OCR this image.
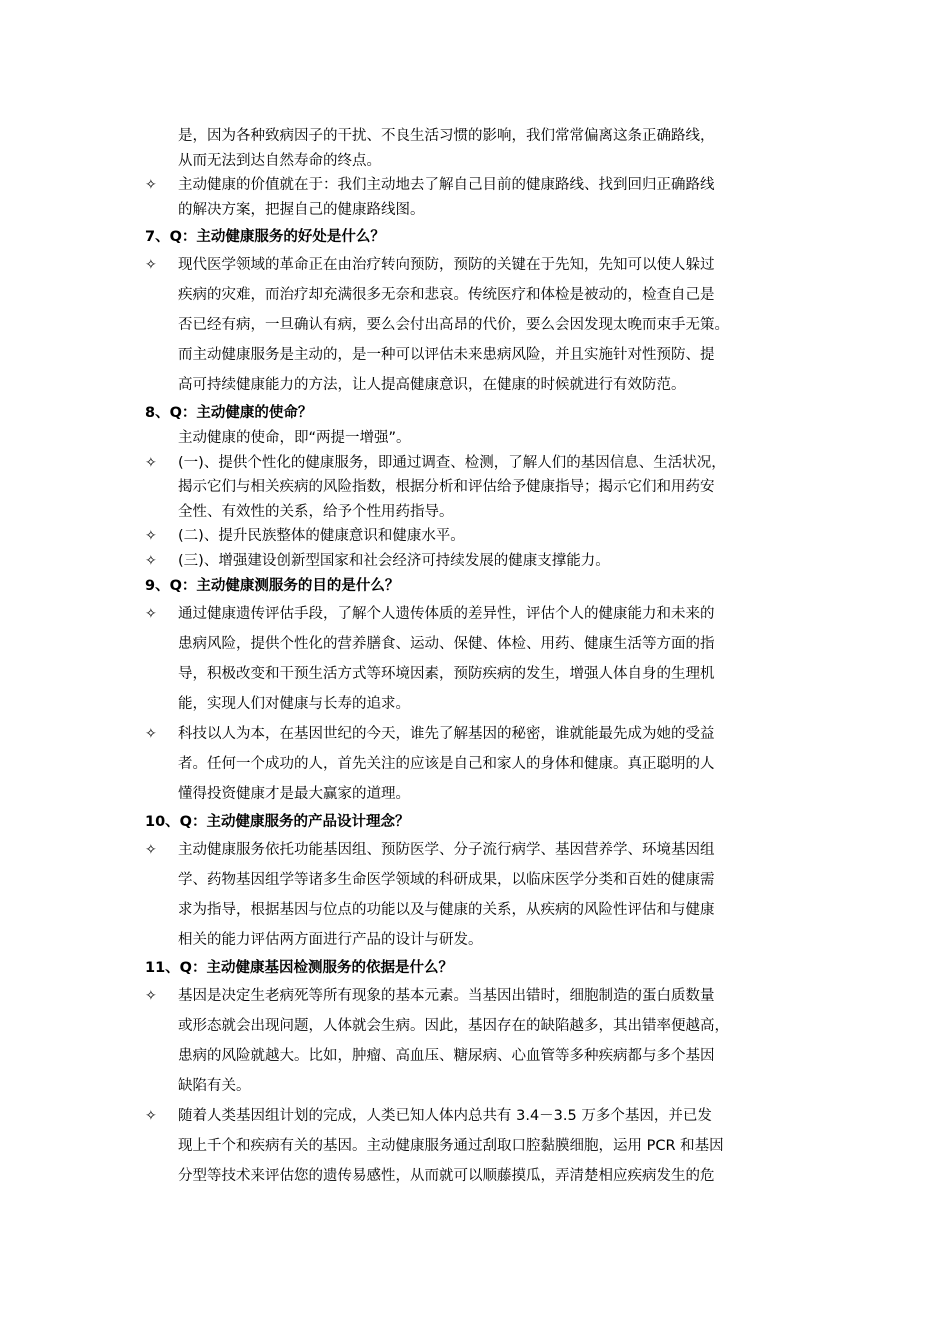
是，因为各种致病因子的干扰、不良生活习惯的影响，我们常常偏离这条正确路线，
从而无法到达自然寿命的终点。
✧	主动健康的价值就在于：我们主动地去了解自己目前的健康路线、找到回归正确路线
的解决方案，把握自己的健康路线图。
7、Q：主动健康服务的好处是什么？
✧	现代医学领域的革命正在由治疗转向预防，预防的关键在于先知，先知可以使人躲过
疾病的灾难，而治疗却充满很多无奈和悲哀。传统医疗和体检是被动的，检查自己是
否已经有病，一旦确认有病，要么会付出高昂的代价，要么会因发现太晚而束手无策。
而主动健康服务是主动的，是一种可以评估未来患病风险，并且实施针对性预防、提
高可持续健康能力的方法，让人提高健康意识，在健康的时候就进行有效防范。
8、Q：主动健康的使命？
主动健康的使命，即“两提一增强”。
✧	(一)、提供个性化的健康服务，即通过调查、检测，了解人们的基因信息、生活状况，
揭示它们与相关疾病的风险指数，根据分析和评估给予健康指导；揭示它们和用药安
全性、有效性的关系，给予个性用药指导。
✧	(二)、提升民族整体的健康意识和健康水平。
✧	(三)、增强建设创新型国家和社会经济可持续发展的健康支撑能力。
9、Q：主动健康测服务的目的是什么？
✧	通过健康遗传评估手段，了解个人遗传体质的差异性，评估个人的健康能力和未来的
患病风险，提供个性化的营养膳食、运动、保健、体检、用药、健康生活等方面的指
导，积极改变和干预生活方式等环境因素，预防疾病的发生，增强人体自身的生理机
能，实现人们对健康与长寿的追求。
✧	科技以人为本，在基因世纪的今天，谁先了解基因的秘密，谁就能最先成为她的受益
者。任何一个成功的人，首先关注的应该是自己和家人的身体和健康。真正聪明的人
懂得投资健康才是最大赢家的道理。
10、Q：主动健康服务的产品设计理念？
✧	主动健康服务依托功能基因组、预防医学、分子流行病学、基因营养学、环境基因组
学、药物基因组学等诸多生命医学领域的科研成果，以临床医学分类和百姓的健康需
求为指导，根据基因与位点的功能以及与健康的关系，从疾病的风险性评估和与健康
相关的能力评估两方面进行产品的设计与研发。
11、Q：主动健康基因检测服务的依据是什么？
✧	基因是决定生老病死等所有现象的基本元素。当基因出错时，细胞制造的蛋白质数量
或形态就会出现问题，人体就会生病。因此，基因存在的缺陷越多，其出错率便越高，
患病的风险就越大。比如，肿瘤、高血压、糖尿病、心血管等多种疾病都与多个基因
缺陷有关。
✧	随着人类基因组计划的完成，人类已知人体内总共有 3.4－3.5 万多个基因，并已发
现上千个和疾病有关的基因。主动健康服务通过刮取口腔黏膜细胞，运用 PCR 和基因
分型等技术来评估您的遗传易感性，从而就可以顺藤摸瓜，弄清楚相应疾病发生的危
